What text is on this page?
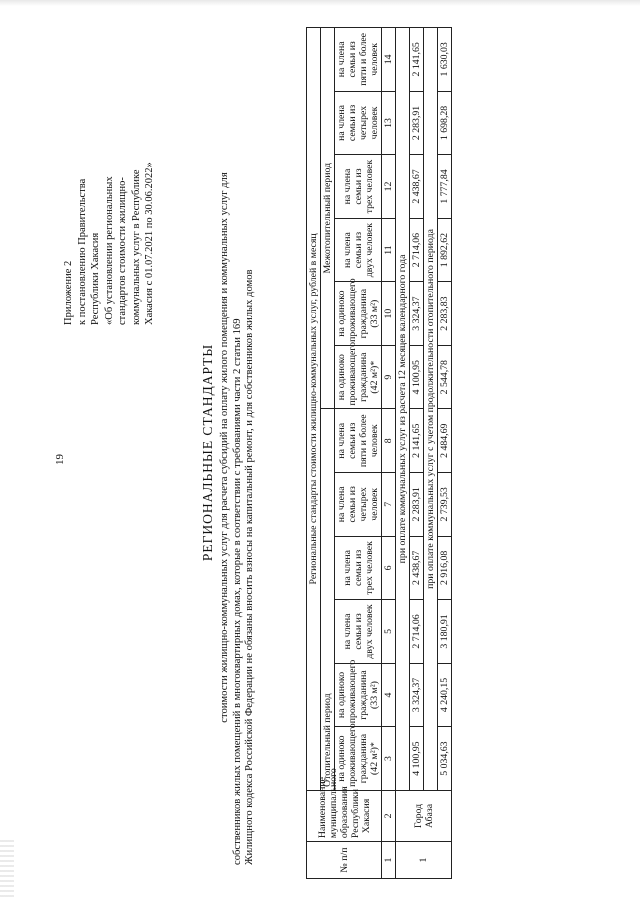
19
Приложение 2 к постановлению Правительства Республики Хакасия «Об установлении региональных стандартов стоимости жилищно- коммунальных услуг в Республике Хакасия с 01.07.2021 по 30.06.2022»
РЕГИОНАЛЬНЫЕ СТАНДАРТЫ стоимости жилищно-коммунальных услуг для расчета субсидий на оплату жилого помещения и коммунальных услуг для собственников жилых помещений в многоквартирных домах, которые в соответствии с требованиями части 2 статьи 169 Жилищного кодекса Российской Федерации не обязаны вносить взносы на капитальный ремонт, и для собственников жилых домов	№ п/п	Наименование муниципального образования Республики Хакасия	Региональные стандарты стоимости жилищно-коммунальных услуг, рублей в месяц											
		Отопительный период						Межотопительный период					
		на одиноко проживающего гражданина (42 м²)*	на одиноко проживающего гражданина (33 м²)	на члена семьи из двух человек	на члена семьи из трех человек	на члена семьи из четырех человек	на члена семьи из пяти и более человек	на одиноко проживающего гражданина (42 м²)*	на одиноко проживающего гражданина (33 м²)	на члена семьи из двух человек	на члена семьи из трех человек	на члена семьи из четырех человек	на члена семьи из пяти и более человек
1	2	3	4	5	6	7	8	9	10	11	12	13	14
1	Город Абаза	при оплате коммунальных услуг из расчета 12 месяцев календарного года											
		4 100,95	3 324,37	2 714,06	2 438,67	2 283,91	2 141,65	4 100,95	3 324,37	2 714,06	2 438,67	2 283,91	2 141,65
		при оплате коммунальных услуг с учетом продолжительности отопительного периода											
		5 034,63	4 240,15	3 180,91	2 916,08	2 739,53	2 484,69	2 544,78	2 283,83	1 892,62	1 777,84	1 698,28	1 630,03
